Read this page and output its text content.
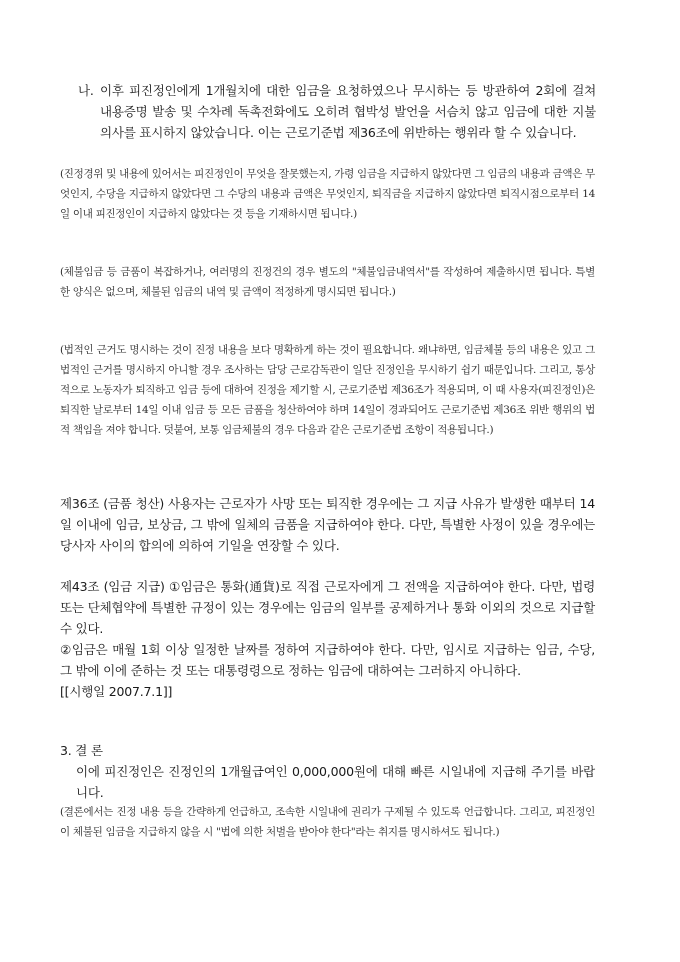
나. 이후 피진정인에게 1개월치에 대한 임금을 요청하였으나 무시하는 등 방관하여 2회에 걸쳐 내용증명 발송 및 수차례 독촉전화에도 오히려 협박성 발언을 서슴치 않고 임금에 대한 지불의사를 표시하지 않았습니다. 이는 근로기준법 제36조에 위반하는 행위라 할 수 있습니다.

(진정경위 및 내용에 있어서는 피진정인이 무엇을 잘못했는지, 가령 임금을 지급하지 않았다면 그 임금의 내용과 금액은 무엇인지, 수당을 지급하지 않았다면 그 수당의 내용과 금액은 무엇인지, 퇴직금을 지급하지 않았다면 퇴직시점으로부터 14일 이내 피진정인이 지급하지 않았다는 것 등을 기재하시면 됩니다.)

(체불임금 등 금품이 복잡하거나, 여러명의 진정건의 경우 별도의 "체불임금내역서"를 작성하여 제출하시면 됩니다. 특별한 양식은 없으며, 체불된 임금의 내역 및 금액이 적정하게 명시되면 됩니다.)

(법적인 근거도 명시하는 것이 진정 내용을 보다 명확하게 하는 것이 필요합니다. 왜냐하면, 임금체불 등의 내용은 있고 그 법적인 근거를 명시하지 아니할 경우 조사하는 담당 근로감독관이 일단 진정인을 무시하기 쉽기 때문입니다. 그리고, 통상적으로 노동자가 퇴직하고 임금 등에 대하여 진정을 제기할 시, 근로기준법 제36조가 적용되며, 이 때 사용자(피진정인)은 퇴직한 날로부터 14일 이내 임금 등 모든 금품을 청산하여야 하며 14일이 경과되어도 근로기준법 제36조 위반 행위의 법적 책임을 져야 합니다. 덧붙여, 보통 임금체불의 경우 다음과 같은 근로기준법 조항이 적용됩니다.)

제36조 (금품 청산) 사용자는 근로자가 사망 또는 퇴직한 경우에는 그 지급 사유가 발생한 때부터 14일 이내에 임금, 보상금, 그 밖에 일체의 금품을 지급하여야 한다. 다만, 특별한 사정이 있을 경우에는 당사자 사이의 합의에 의하여 기일을 연장할 수 있다.

제43조 (임금 지급) ①임금은 통화(通貨)로 직접 근로자에게 그 전액을 지급하여야 한다. 다만, 법령 또는 단체협약에 특별한 규정이 있는 경우에는 임금의 일부를 공제하거나 통화 이외의 것으로 지급할 수 있다.

②임금은 매월 1회 이상 일정한 날짜를 정하여 지급하여야 한다. 다만, 임시로 지급하는 임금, 수당, 그 밖에 이에 준하는 것 또는 대통령령으로 정하는 임금에 대하여는 그러하지 아니하다.

[[시행일 2007.7.1]]

3. 결 론

이에 피진정인은 진정인의 1개월급여인 0,000,000원에 대해 빠른 시일내에 지급해 주기를 바랍니다.

(결론에서는 진정 내용 등을 간략하게 언급하고, 조속한 시일내에 권리가 구제될 수 있도록 언급합니다. 그리고, 피진정인이 체불된 임금을 지급하지 않을 시 "법에 의한 처벌을 받아야 한다"라는 취지를 명시하셔도 됩니다.)
